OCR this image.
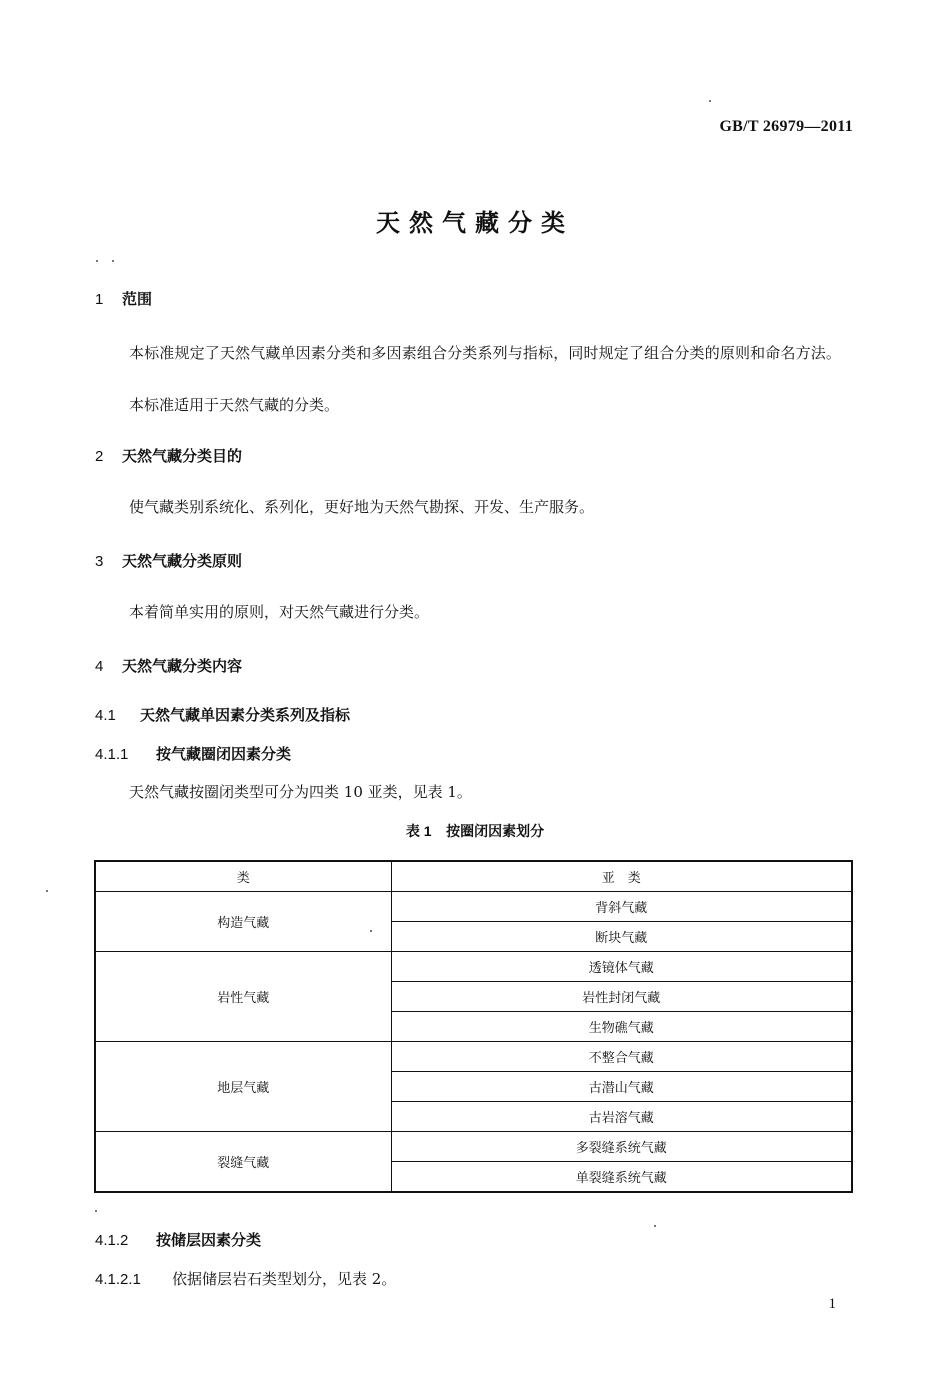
GB/T 26979—2011
天然气藏分类
1 范围
本标准规定了天然气藏单因素分类和多因素组合分类系列与指标，同时规定了组合分类的原则和命名方法。
本标准适用于天然气藏的分类。
2 天然气藏分类目的
使气藏类别系统化、系列化，更好地为天然气勘探、开发、生产服务。
3 天然气藏分类原则
本着简单实用的原则，对天然气藏进行分类。
4 天然气藏分类内容
4.1 天然气藏单因素分类系列及指标
4.1.1 按气藏圈闭因素分类
天然气藏按圈闭类型可分为四类 10 亚类，见表 1。
表 1 按圈闭因素划分
类	亚　类
构造气藏	背斜气藏
	断块气藏
岩性气藏	透镜体气藏
	岩性封闭气藏
	生物礁气藏
地层气藏	不整合气藏
	古潜山气藏
	古岩溶气藏
裂缝气藏	多裂缝系统气藏
	单裂缝系统气藏
4.1.2 按储层因素分类
4.1.2.1 依据储层岩石类型划分，见表 2。
1
